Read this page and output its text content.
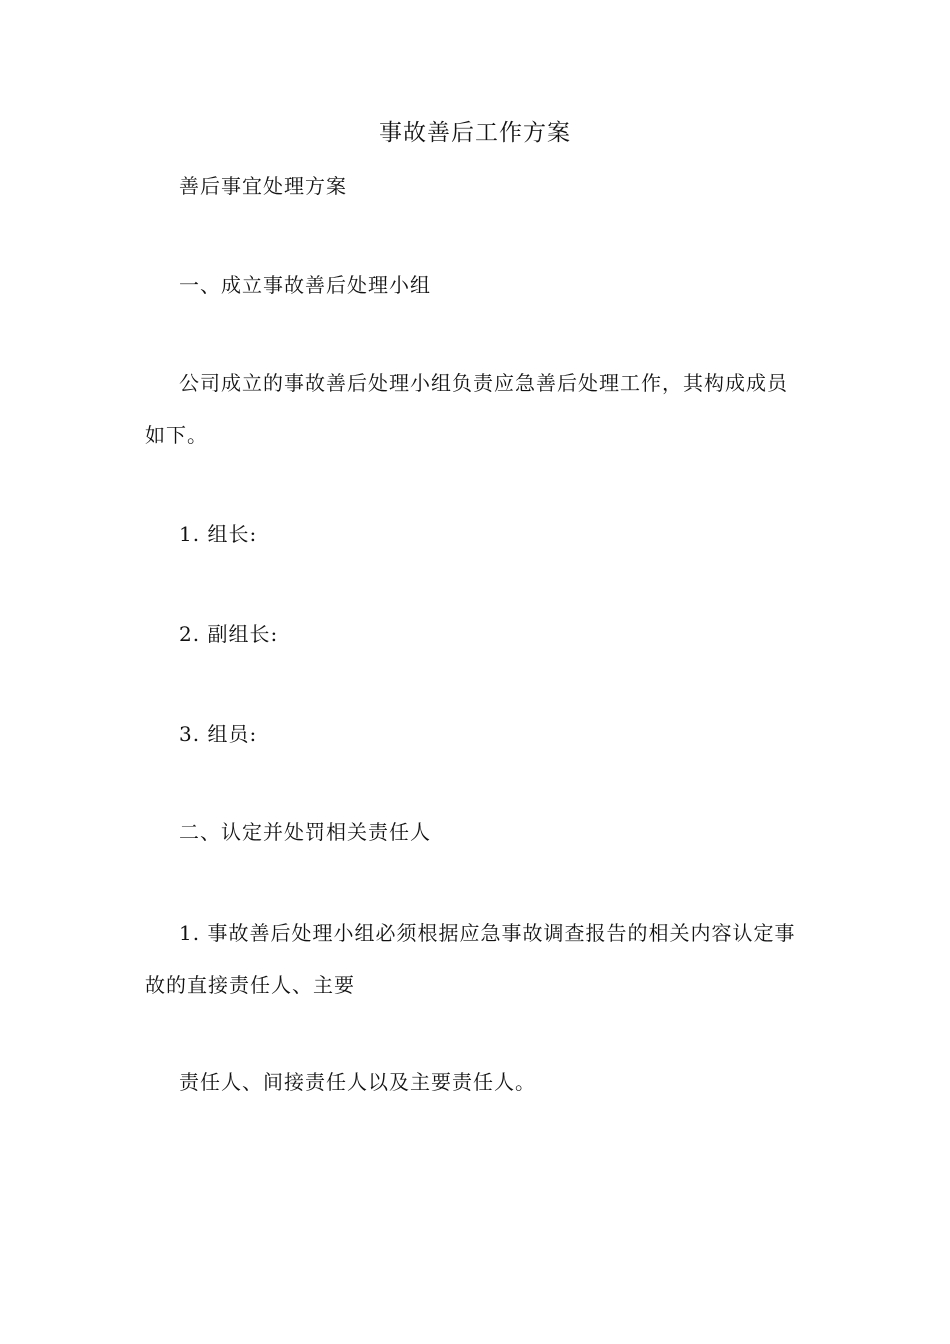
事故善后工作方案

善后事宜处理方案

一、成立事故善后处理小组

公司成立的事故善后处理小组负责应急善后处理工作，其构成成员如下。

1. 组长:

2. 副组长:

3. 组员:

二、认定并处罚相关责任人

1. 事故善后处理小组必须根据应急事故调查报告的相关内容认定事故的直接责任人、主要

责任人、间接责任人以及主要责任人。
